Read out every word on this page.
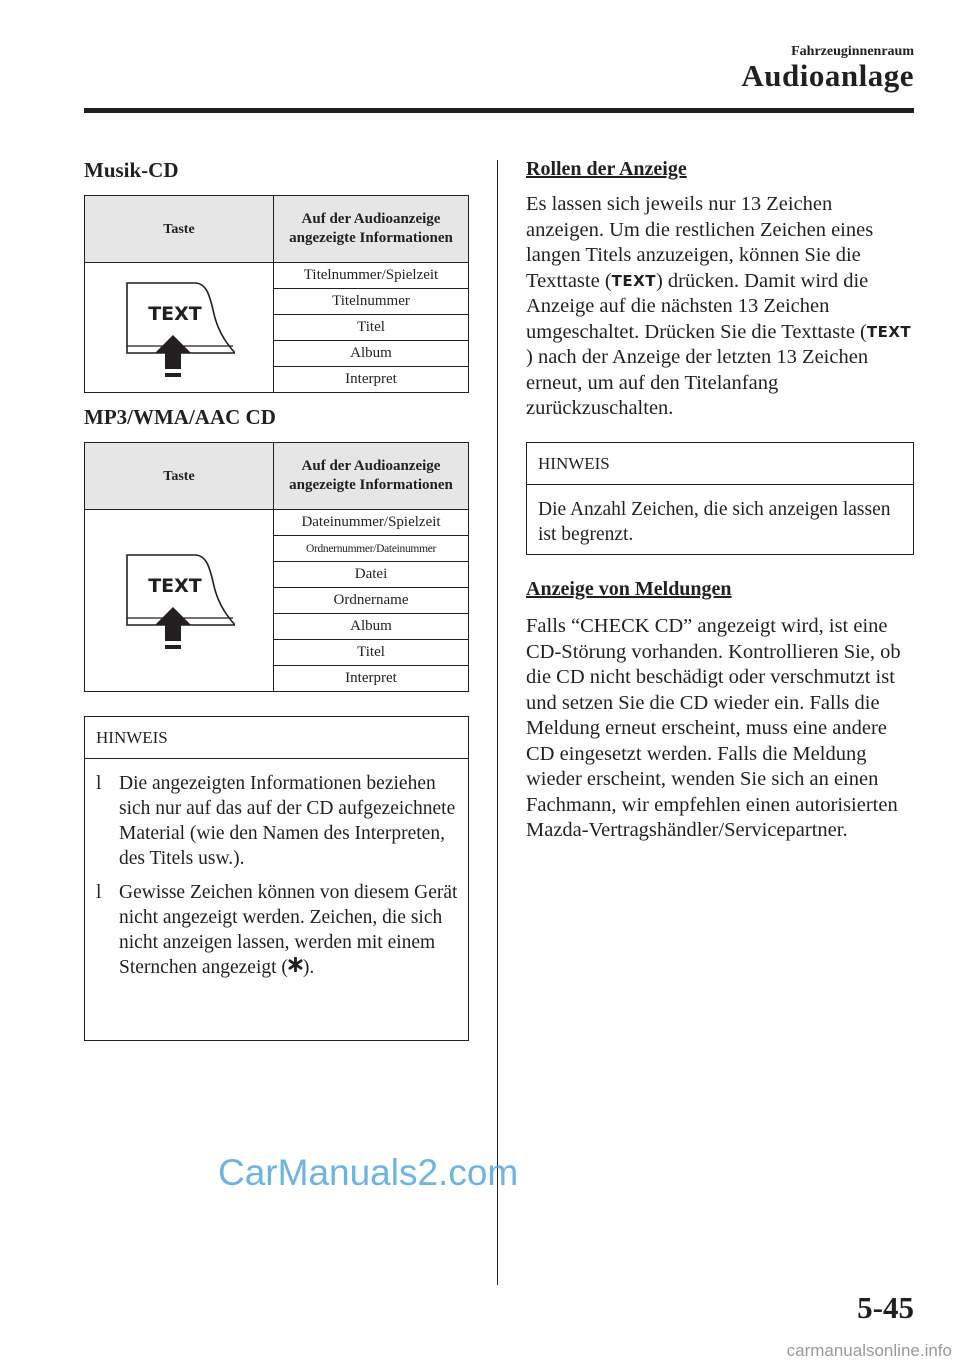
Fahrzeuginnenraum
Audioanlage
Musik-CD
Taste	Auf der Audioanzeige angezeigte Informationen

TEXT	Titelnummer/Spielzeit
	Titelnummer
	Titel
	Album
	Interpret
MP3/WMA/AAC CD
Taste	Auf der Audioanzeige angezeigte Informationen

TEXT	Dateinummer/Spielzeit
	Ordnernummer/Dateinummer
	Datei
	Ordnername
	Album
	Titel
	Interpret
HINWEIS
l Die angezeigten Informationen beziehen sich nur auf das auf der CD aufgezeichnete Material (wie den Namen des Interpreten, des Titels usw.).
l Gewisse Zeichen können von diesem Gerät nicht angezeigt werden. Zeichen, die sich nicht anzeigen lassen, werden mit einem Sternchen angezeigt ( ).

Rollen der Anzeige

Es lassen sich jeweils nur 13 Zeichen anzeigen. Um die restlichen Zeichen eines langen Titels anzuzeigen, können Sie die Texttaste (TEXT) drücken. Damit wird die Anzeige auf die nächsten 13 Zeichen umgeschaltet. Drücken Sie die Texttaste (TEXT) nach der Anzeige der letzten 13 Zeichen erneut, um auf den Titelanfang zurückzuschalten.

HINWEIS
Die Anzahl Zeichen, die sich anzeigen lassen ist begrenzt.

Anzeige von Meldungen

Falls “CHECK CD” angezeigt wird, ist eine CD-Störung vorhanden. Kontrollieren Sie, ob die CD nicht beschädigt oder verschmutzt ist und setzen Sie die CD wieder ein. Falls die Meldung erneut erscheint, muss eine andere CD eingesetzt werden. Falls die Meldung wieder erscheint, wenden Sie sich an einen Fachmann, wir empfehlen einen autorisierten Mazda-Vertragshändler/Servicepartner.

CarManuals2.com
5-45
carmanualsonline.info
